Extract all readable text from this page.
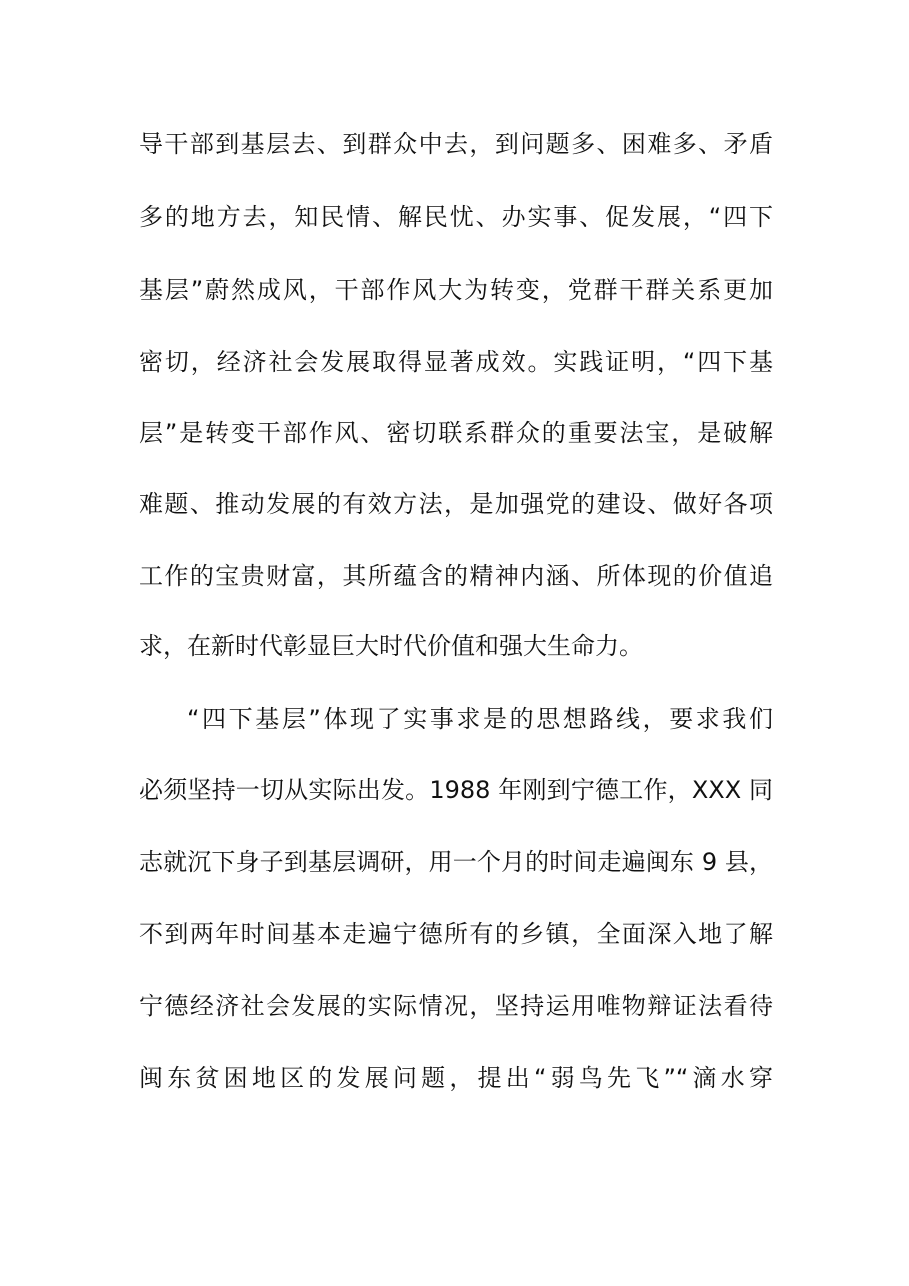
导干部到基层去、到群众中去，到问题多、困难多、矛盾
多的地方去，知民情、解民忧、办实事、促发展，“四下
基层”蔚然成风，干部作风大为转变，党群干群关系更加
密切，经济社会发展取得显著成效。实践证明，“四下基
层”是转变干部作风、密切联系群众的重要法宝，是破解
难题、推动发展的有效方法，是加强党的建设、做好各项
工作的宝贵财富，其所蕴含的精神内涵、所体现的价值追
求，在新时代彰显巨大时代价值和强大生命力。
“四下基层”体现了实事求是的思想路线，要求我们
必须坚持一切从实际出发。1988 年刚到宁德工作，XXX 同
志就沉下身子到基层调研，用一个月的时间走遍闽东 9 县，
不到两年时间基本走遍宁德所有的乡镇，全面深入地了解
宁德经济社会发展的实际情况，坚持运用唯物辩证法看待
闽东贫困地区的发展问题，提出“弱鸟先飞”“滴水穿
